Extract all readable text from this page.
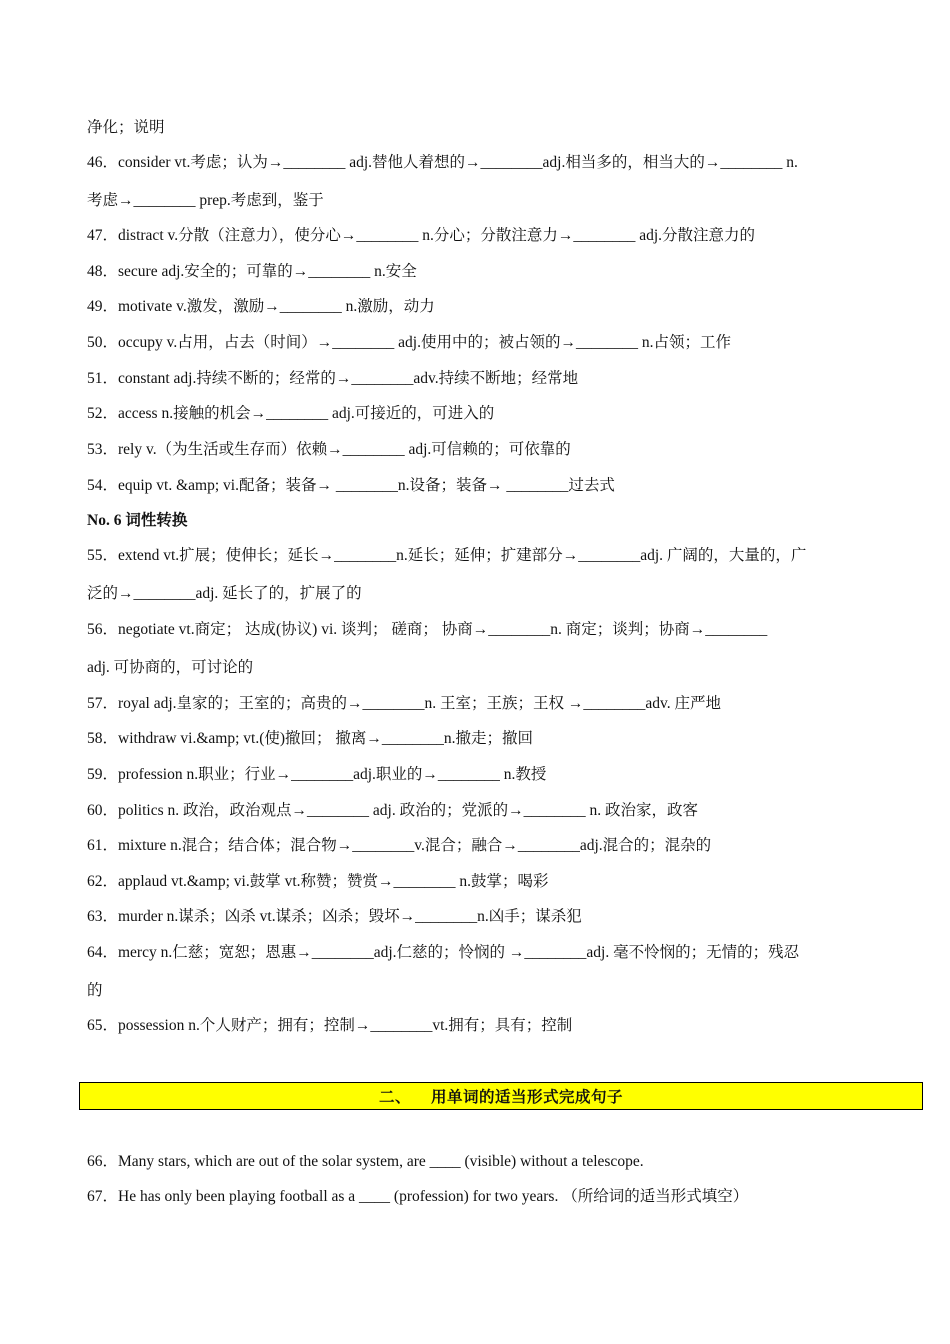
净化；说明
46．consider vt.考虑；认为→________ adj.替他人着想的→________adj.相当多的，相当大的→________ n.
考虑→________ prep.考虑到，鉴于
47．distract v.分散（注意力），使分心→________ n.分心；分散注意力→________ adj.分散注意力的
48．secure adj.安全的；可靠的→________ n.安全
49．motivate v.激发，激励→________ n.激励，动力
50．occupy v.占用，占去（时间）→________ adj.使用中的；被占领的→________ n.占领；工作
51．constant adj.持续不断的；经常的→________adv.持续不断地；经常地
52．access n.接触的机会→________ adj.可接近的，可进入的
53．rely v.（为生活或生存而）依赖→________ adj.可信赖的；可依靠的
54．equip vt. &amp; vi.配备；装备→ ________n.设备；装备→ ________过去式
No. 6 词性转换
55．extend vt.扩展；使伸长；延长→________n.延长；延伸；扩建部分→________adj. 广阔的，大量的，广
泛的→________adj. 延长了的，扩展了的
56．negotiate vt.商定； 达成(协议) vi. 谈判； 磋商； 协商→________n. 商定；谈判；协商→________
adj. 可协商的，可讨论的
57．royal adj.皇家的；王室的；高贵的→________n. 王室；王族；王权 →________adv. 庄严地
58．withdraw vi.&amp; vt.(使)撤回； 撤离→________n.撤走；撤回
59．profession n.职业；行业→________adj.职业的→________ n.教授
60．politics n. 政治，政治观点→________ adj. 政治的；党派的→________ n. 政治家，政客
61．mixture n.混合；结合体；混合物→________v.混合；融合→________adj.混合的；混杂的
62．applaud vt.&amp; vi.鼓掌 vt.称赞；赞赏→________ n.鼓掌；喝彩
63．murder n.谋杀；凶杀 vt.谋杀；凶杀；毁坏→________n.凶手；谋杀犯
64．mercy n.仁慈；宽恕；恩惠→________adj.仁慈的；怜悯的 →________adj. 毫不怜悯的；无情的；残忍
的
65．possession n.个人财产；拥有；控制→________vt.拥有；具有；控制
二、 用单词的适当形式完成句子
66．Many stars, which are out of the solar system, are ____ (visible) without a telescope.
67．He has only been playing football as a ____ (profession) for two years. （所给词的适当形式填空）
